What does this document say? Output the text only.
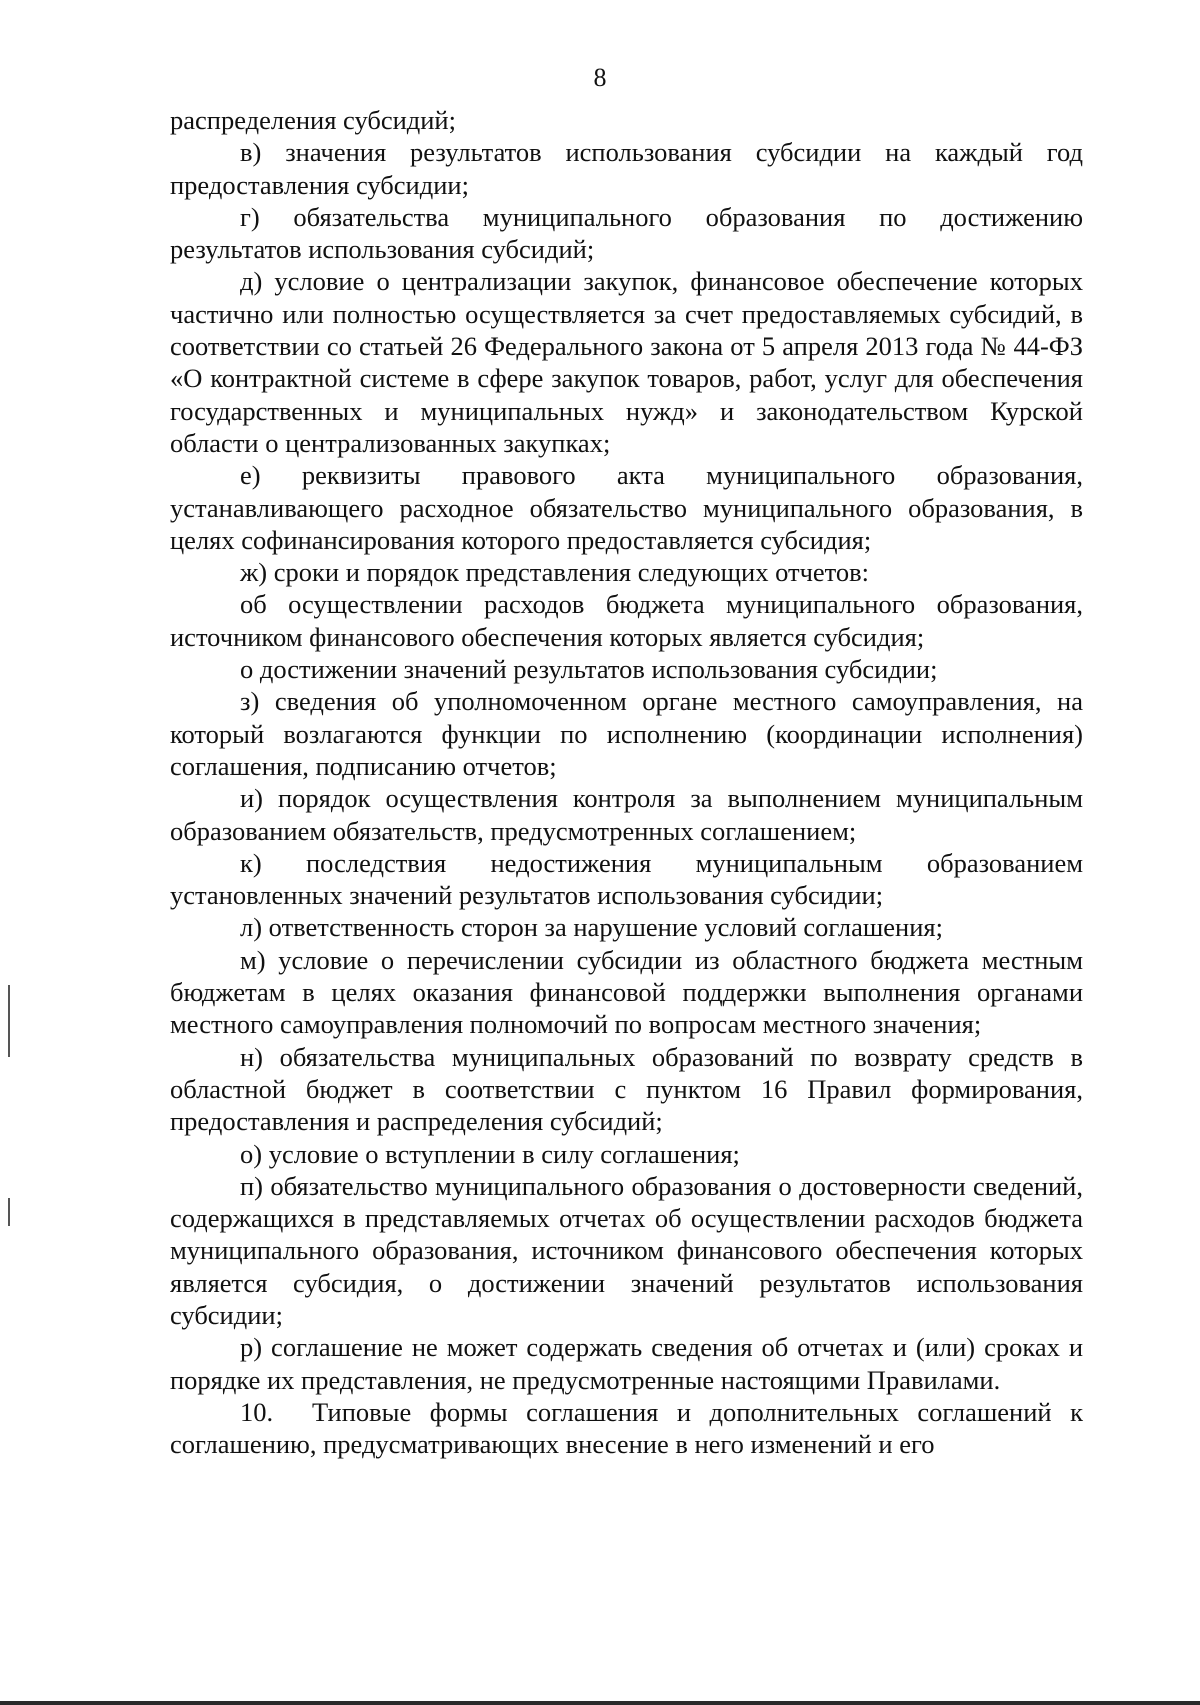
8

распределения субсидий;

в) значения результатов использования субсидии на каждый год предоставления субсидии;

г) обязательства муниципального образования по достижению результатов использования субсидий;

д) условие о централизации закупок, финансовое обеспечение которых частично или полностью осуществляется за счет предоставляемых субсидий, в соответствии со статьей 26 Федерального закона от 5 апреля 2013 года № 44-ФЗ «О контрактной системе в сфере закупок товаров, работ, услуг для обеспечения государственных и муниципальных нужд» и законодательством Курской области о централизованных закупках;

е) реквизиты правового акта муниципального образования, устанавливающего расходное обязательство муниципального образования, в целях софинансирования которого предоставляется субсидия;

ж) сроки и порядок представления следующих отчетов:

об осуществлении расходов бюджета муниципального образования, источником финансового обеспечения которых является субсидия;

о достижении значений результатов использования субсидии;

з) сведения об уполномоченном органе местного самоуправления, на который возлагаются функции по исполнению (координации исполнения) соглашения, подписанию отчетов;

и) порядок осуществления контроля за выполнением муниципальным образованием обязательств, предусмотренных соглашением;

к) последствия недостижения муниципальным образованием установленных значений результатов использования субсидии;

л) ответственность сторон за нарушение условий соглашения;

м) условие о перечислении субсидии из областного бюджета местным бюджетам в целях оказания финансовой поддержки выполнения органами местного самоуправления полномочий по вопросам местного значения;

н) обязательства муниципальных образований по возврату средств в областной бюджет в соответствии с пунктом 16 Правил формирования, предоставления и распределения субсидий;

о) условие о вступлении в силу соглашения;

п) обязательство муниципального образования о достоверности сведений, содержащихся в представляемых отчетах об осуществлении расходов бюджета муниципального образования, источником финансового обеспечения которых является субсидия, о достижении значений результатов использования субсидии;

р) соглашение не может содержать сведения об отчетах и (или) сроках и порядке их представления, не предусмотренные настоящими Правилами.

10. Типовые формы соглашения и дополнительных соглашений к соглашению, предусматривающих внесение в него изменений и его
